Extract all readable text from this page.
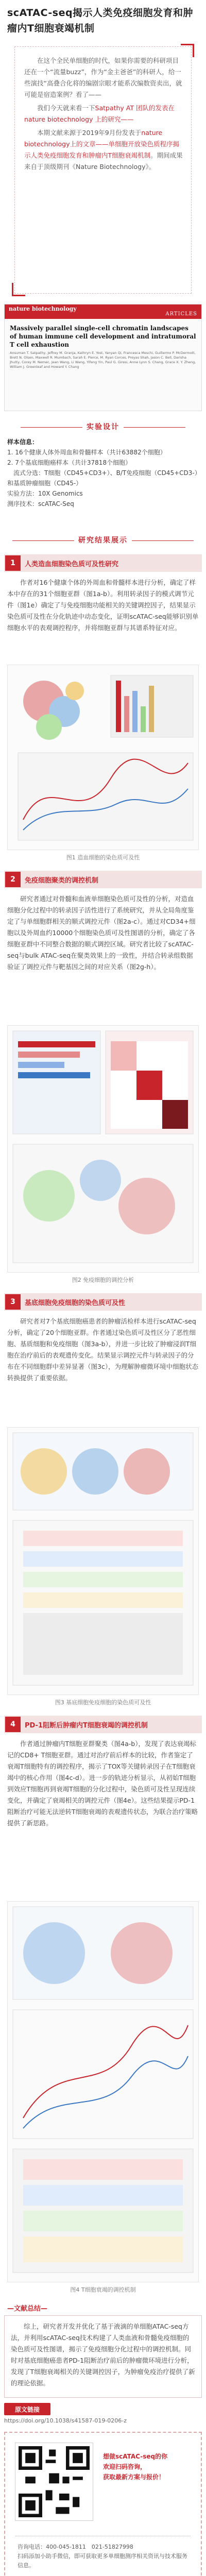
scATAC-seq揭示人类免疫细胞发育和肿瘤内T细胞衰竭机制

在这个全民单细胞的时代，如果你需要的科研项目还在一个“流量buzz”，作为“金主爸爸”的科研人，给一些演技“高叠合化将的编剧宗眼才能系次编数资卖出，就可能是宿造案例？看了——

我们今天就来看一下Satpathy AT 团队的发表在 nature biotechnology 上的研究——

本期文献来源于2019年9月份发表于nature biotechnology上的文章——单细胞开放染色质程序揭示人类免疫细胞发育和肿瘤内T细胞衰竭机制。期间成果来自于顶级期刊《Nature Biotechnology》。

nature biotechnology
ARTICLES
Massively parallel single-cell chromatin landscapes of human immune cell development and intratumoral T cell exhaustion
Ansuman T. Satpathy, Jeffrey M. Granja, Kathryn E. Yost, Yanyan Qi, Francesca Meschi, Guillermo P. McDermott, Brett N. Olsen, Maxwell R. Mumbach, Sarah E. Pierce, M. Ryan Corces, Preyas Shah, Jason C. Bell, Darisha Jhutty, Corey M. Nemec, Jean Wang, Li Wang, Yifeng Yin, Paul G. Giresi, Anne Lynn S. Chang, Grace X. Y. Zheng, William J. Greenleaf and Howard Y. Chang
实验设计
样本信息：
1. 16个健康人体外周血和骨髓样本（共计63882个细胞）
2. 7个基底细胞癌样本（共计37818个细胞）
　流式分选：T细胞（CD45+CD3+）、B/T免疫细胞（CD45+CD3-）和基质肿瘤细胞（CD45-）
实验方法：10X Genomics
测序技术：scATAC-Seq
研究结果展示
1	人类造血细胞染色质可及性研究

作者对16个健康个体的外周血和骨髓样本进行分析，确定了样本中存在的31个细胞亚群（图1a-b）。利用转录因子的模式调节元件（图1e）确定了与免疫细胞功能相关的关键调控因子，结果显示染色质可及性在分化轨迹中动态变化，证明scATAC-seq能够识别单细胞水平的表观调控程序，并将细胞亚群与其谱系特征对应。

图1 造血细胞的染色质可及性
2	免疫细胞聚类的调控机制

研究者通过对骨髓和血液单细胞染色质可及性的分析，对造血细胞分化过程中的转录因子活性进行了系统研究，并从全局角度鉴定了与单细胞群相关的顺式调控元件（图2a-c）。通过对CD34+细胞以及外周血约10000个细胞染色质可及性图谱的分析，确定了各细胞亚群中不同整合数据的顺式调控区域。研究者比较了scATAC-seq与bulk ATAC-seq在聚类效果上的一致性，并结合转录组数据验证了调控元件与靶基因之间的对应关系（图2g-h）。

图2 免疫细胞的调控分析
3	基底细胞免疫细胞的染色质可及性

研究者对7个基底细胞癌患者的肿瘤活检样本进行scATAC-seq分析，确定了20个细胞亚群。作者通过染色质可及性区分了恶性细胞、基质细胞和免疫细胞（图3a-b），并进一步比较了肿瘤浸润T细胞在治疗前后的表观遗传变化。结果显示调控元件与转录因子的分布在不同细胞群中差异显著（图3c），为理解肿瘤微环境中细胞状态转换提供了重要依据。

图3 基底细胞免疫细胞的染色质可及性
4	PD-1阻断后肿瘤内T细胞衰竭的调控机制

作者通过肿瘤内T细胞亚群聚类（图4a-b），发现了表达衰竭标记的CD8+ T细胞亚群。通过对治疗前后样本的比较，作者鉴定了衰竭T细胞特有的调控程序，揭示了TOX等关键转录因子在T细胞衰竭中的核心作用（图4c-d）。进一步的轨迹分析显示，从初始T细胞到效应T细胞再到衰竭T细胞的分化过程中，染色质可及性呈现连续变化，并确定了衰竭相关的调控元件（图4e）。这些结果提示PD-1阻断治疗可能无法逆转T细胞衰竭的表观遗传状态，为联合治疗策略提供了新思路。

图4 T细胞衰竭的调控机制
—文献总结—

综上，研究者开发并优化了基于液滴的单细胞ATAC-seq方法，并利用scATAC-seq技术构建了人类血液和骨髓免疫细胞的染色质可及性图谱，揭示了免疫细胞分化过程中的调控机制。同时对基底细胞癌患者PD-1阻断治疗前后的肿瘤微环境进行分析，发现了T细胞衰竭相关的关键调控因子，为肿瘤免疫治疗提供了新的理论依据。

原文链接
https://doi.org/10.1038/s41587-019-0206-z
想做scATAC-seq的你
欢迎扫码咨询，
获取最新方案与报价！
咨询电话：400-045-1811　021-51827998
扫码添加小助手微信，即可获取更多单细胞测序相关资讯与技术服务信息。
